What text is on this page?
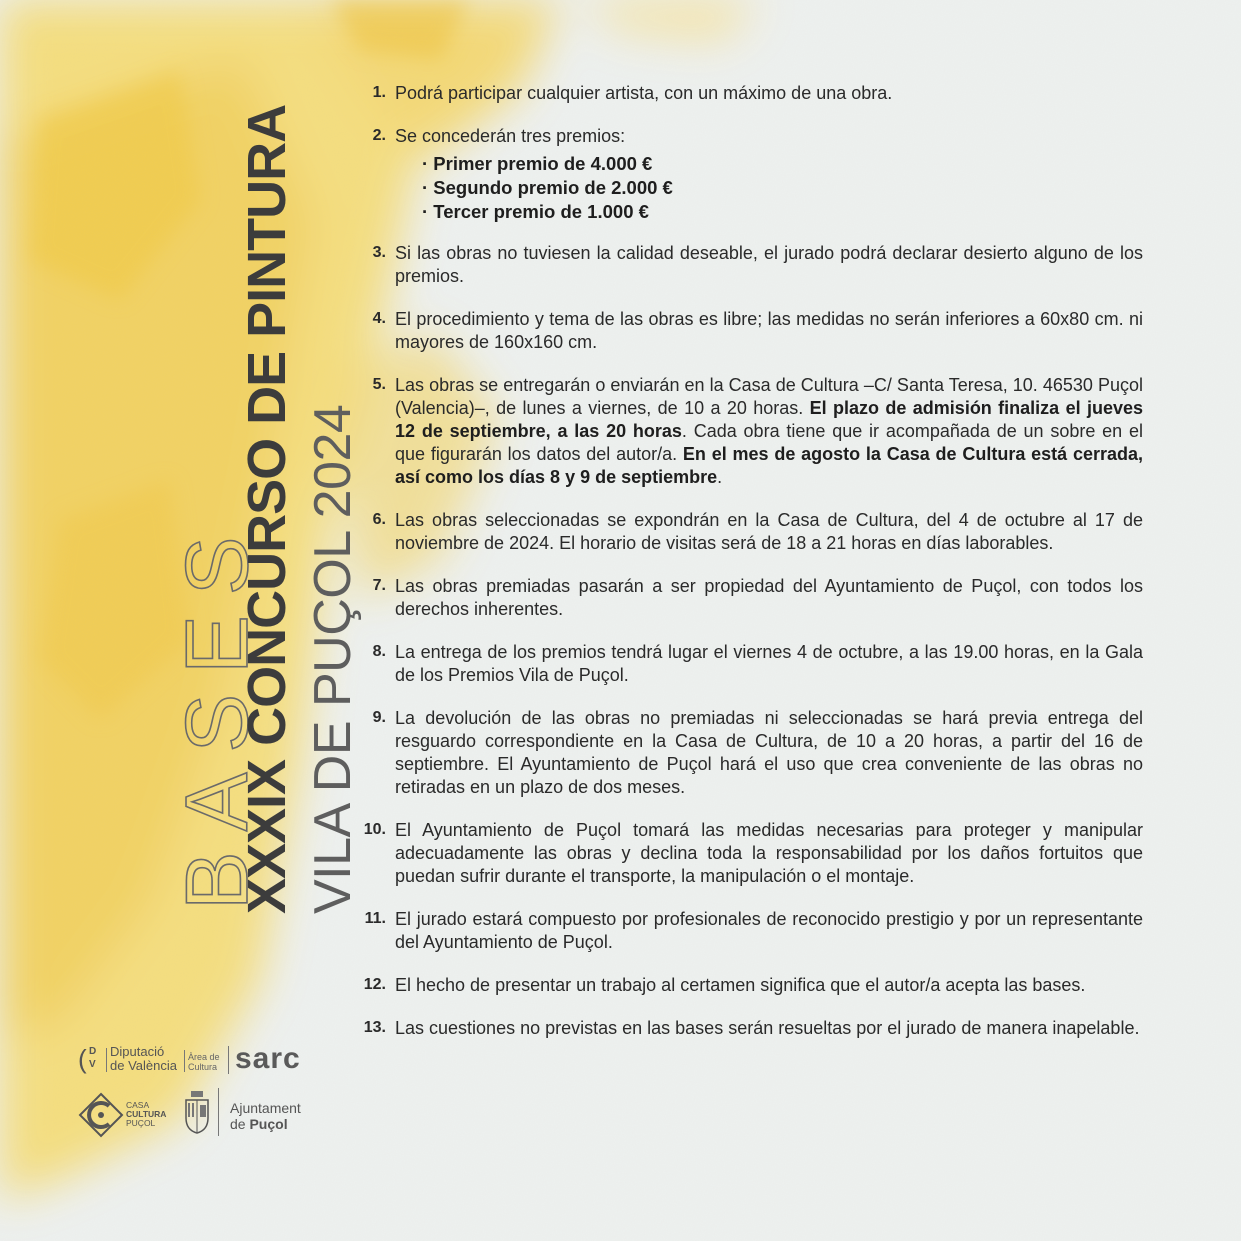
BASES
XXXIX CONCURSO DE PINTURA VILA DE PUÇOL 2024
1. Podrá participar cualquier artista, con un máximo de una obra.
2. Se concederán tres premios:
· Primer premio de 4.000 €
· Segundo premio de 2.000 €
· Tercer premio de 1.000 €
3. Si las obras no tuviesen la calidad deseable, el jurado podrá declarar desierto alguno de los premios.
4. El procedimiento y tema de las obras es libre; las medidas no serán inferiores a 60x80 cm. ni mayores de 160x160 cm.
5. Las obras se entregarán o enviarán en la Casa de Cultura –C/ Santa Teresa, 10. 46530 Puçol (Valencia)–, de lunes a viernes, de 10 a 20 horas. El plazo de admisión finaliza el jueves 12 de septiembre, a las 20 horas. Cada obra tiene que ir acompañada de un sobre en el que figurarán los datos del autor/a. En el mes de agosto la Casa de Cultura está cerrada, así como los días 8 y 9 de septiembre.
6. Las obras seleccionadas se expondrán en la Casa de Cultura, del 4 de octubre al 17 de noviembre de 2024. El horario de visitas será de 18 a 21 horas en días laborables.
7. Las obras premiadas pasarán a ser propiedad del Ayuntamiento de Puçol, con todos los derechos inherentes.
8. La entrega de los premios tendrá lugar el viernes 4 de octubre, a las 19.00 horas, en la Gala de los Premios Vila de Puçol.
9. La devolución de las obras no premiadas ni seleccionadas se hará previa entrega del resguardo correspondiente en la Casa de Cultura, de 10 a 20 horas, a partir del 16 de septiembre. El Ayuntamiento de Puçol hará el uso que crea conveniente de las obras no retiradas en un plazo de dos meses.
10. El Ayuntamiento de Puçol tomará las medidas necesarias para proteger y manipular adecuadamente las obras y declina toda la responsabilidad por los daños fortuitos que puedan sufrir durante el transporte, la manipulación o el montaje.
11. El jurado estará compuesto por profesionales de reconocido prestigio y por un representante del Ayuntamiento de Puçol.
12. El hecho de presentar un trabajo al certamen significa que el autor/a acepta las bases.
13. Las cuestiones no previstas en las bases serán resueltas por el jurado de manera inapelable.
( D
V
Diputació
de València
Àrea de
Cultura sarc
CASA
CULTURA
PUÇOL
Ajuntament
de Puçol
